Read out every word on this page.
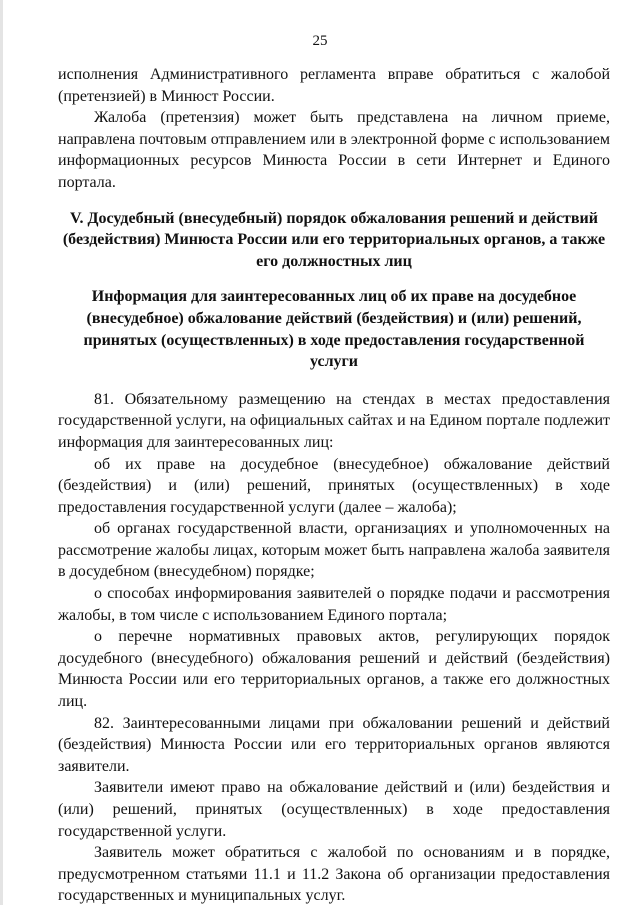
25

исполнения Административного регламента вправе обратиться с жалобой (претензией) в Минюст России.

Жалоба (претензия) может быть представлена на личном приеме, направлена почтовым отправлением или в электронной форме с использованием информационных ресурсов Минюста России в сети Интернет и Единого портала.

V. Досудебный (внесудебный) порядок обжалования решений и действий (бездействия) Минюста России или его территориальных органов, а также его должностных лиц
Информация для заинтересованных лиц об их праве на досудебное (внесудебное) обжалование действий (бездействия) и (или) решений, принятых (осуществленных) в ходе предоставления государственной услуги

81. Обязательному размещению на стендах в местах предоставления государственной услуги, на официальных сайтах и на Едином портале подлежит информация для заинтересованных лиц:

об их праве на досудебное (внесудебное) обжалование действий (бездействия) и (или) решений, принятых (осуществленных) в ходе предоставления государственной услуги (далее – жалоба);

об органах государственной власти, организациях и уполномоченных на рассмотрение жалобы лицах, которым может быть направлена жалоба заявителя в досудебном (внесудебном) порядке;

о способах информирования заявителей о порядке подачи и рассмотрения жалобы, в том числе с использованием Единого портала;

о перечне нормативных правовых актов, регулирующих порядок досудебного (внесудебного) обжалования решений и действий (бездействия) Минюста России или его территориальных органов, а также его должностных лиц.

82. Заинтересованными лицами при обжаловании решений и действий (бездействия) Минюста России или его территориальных органов являются заявители.

Заявители имеют право на обжалование действий и (или) бездействия и (или) решений, принятых (осуществленных) в ходе предоставления государственной услуги.

Заявитель может обратиться с жалобой по основаниям и в порядке, предусмотренном статьями 11.1 и 11.2 Закона об организации предоставления государственных и муниципальных услуг.
